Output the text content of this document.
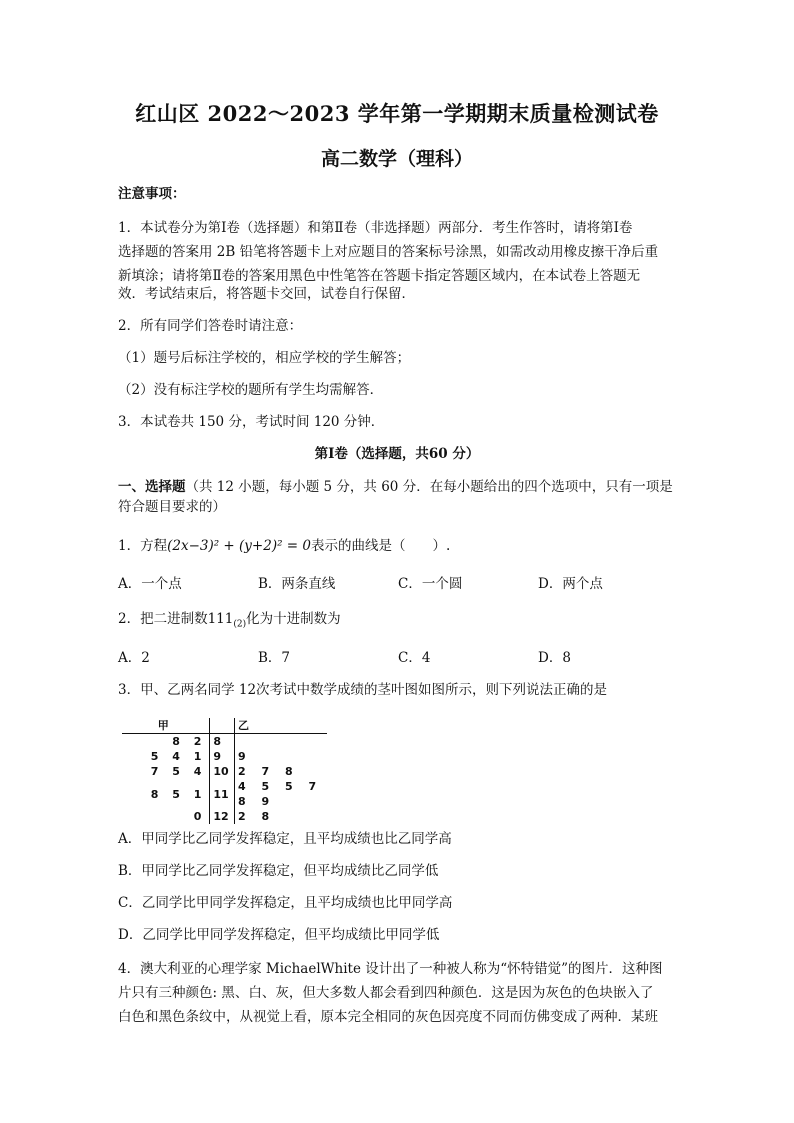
红山区 2022～2023 学年第一学期期末质量检测试卷
高二数学（理科）
注意事项：
1．本试卷分为第Ⅰ卷（选择题）和第Ⅱ卷（非选择题）两部分．考生作答时，请将第Ⅰ卷
选择题的答案用 2B 铅笔将答题卡上对应题目的答案标号涂黑，如需改动用橡皮擦干净后重
新填涂；请将第Ⅱ卷的答案用黑色中性笔答在答题卡指定答题区域内，在本试卷上答题无
效．考试结束后，将答题卡交回，试卷自行保留．
2．所有同学们答卷时请注意：
（1）题号后标注学校的，相应学校的学生解答；
（2）没有标注学校的题所有学生均需解答．
3．本试卷共 150 分，考试时间 120 分钟．
第Ⅰ卷（选择题，共60 分）
一、选择题（共 12 小题，每小题 5 分，共 60 分．在每小题给出的四个选项中，只有一项是
符合题目要求的）
1．方程(2x−3)² + (y+2)² = 0表示的曲线是（　　）.
A．一个点	B．两条直线	C．一个圆	D．两个点
2．把二进制数$111_{(2)}$化为十进制数为
A．2	B．7	C．4	D．8
3．甲、乙两名同学 12次考试中数学成绩的茎叶图如图所示，则下列说法正确的是
甲		乙
8 2	8	
5 4 1	9	9
7 5 4	10	2 7 8
8 5 1	11	4 5 5 7 8 9
0	12	2 8
A．甲同学比乙同学发挥稳定，且平均成绩也比乙同学高
B．甲同学比乙同学发挥稳定，但平均成绩比乙同学低
C．乙同学比甲同学发挥稳定，且平均成绩也比甲同学高
D．乙同学比甲同学发挥稳定，但平均成绩比甲同学低
4．澳大利亚的心理学家 MichaelWhite 设计出了一种被人称为“怀特错觉”的图片．这种图
片只有三种颜色: 黑、白、灰，但大多数人都会看到四种颜色．这是因为灰色的色块嵌入了
白色和黑色条纹中，从视觉上看，原本完全相同的灰色因亮度不同而仿佛变成了两种．某班
